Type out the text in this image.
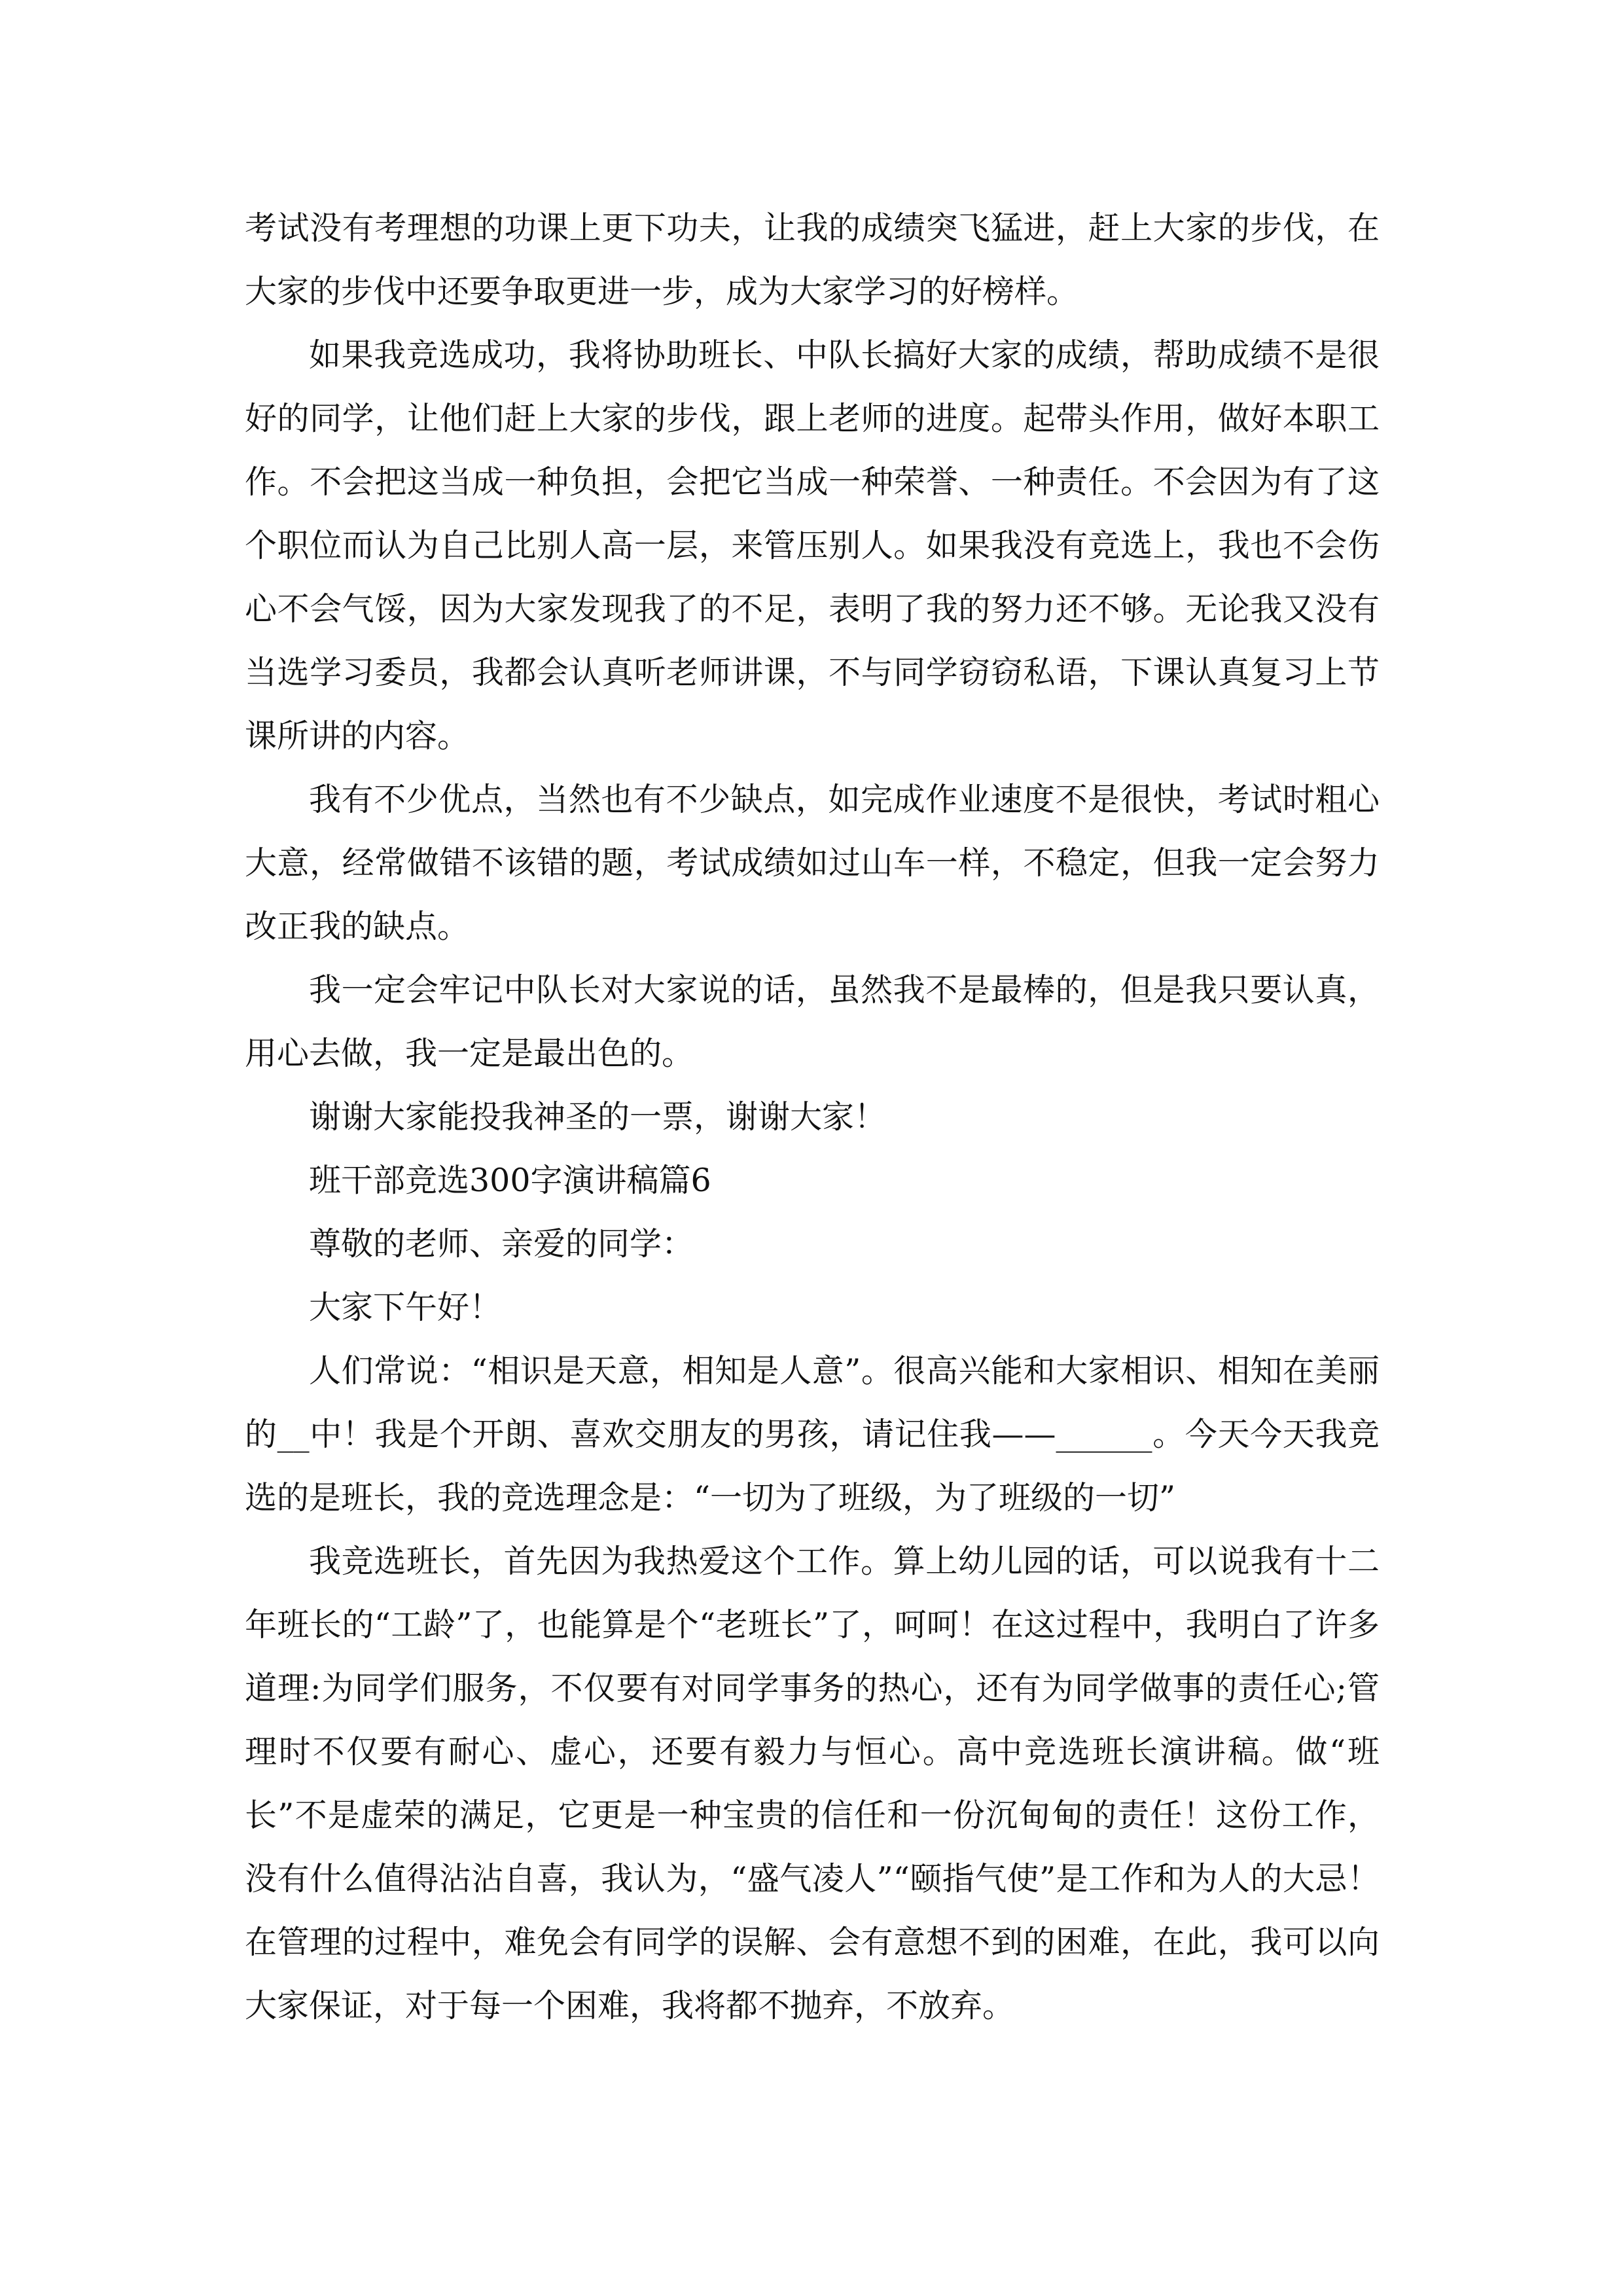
考试没有考理想的功课上更下功夫，让我的成绩突飞猛进，赶上大家的步伐，在大家的步伐中还要争取更进一步，成为大家学习的好榜样。

如果我竞选成功，我将协助班长、中队长搞好大家的成绩，帮助成绩不是很好的同学，让他们赶上大家的步伐，跟上老师的进度。起带头作用，做好本职工作。不会把这当成一种负担，会把它当成一种荣誉、一种责任。不会因为有了这个职位而认为自己比别人高一层，来管压别人。如果我没有竞选上，我也不会伤心不会气馁，因为大家发现我了的不足，表明了我的努力还不够。无论我又没有当选学习委员，我都会认真听老师讲课，不与同学窃窃私语，下课认真复习上节课所讲的内容。

我有不少优点，当然也有不少缺点，如完成作业速度不是很快，考试时粗心大意，经常做错不该错的题，考试成绩如过山车一样，不稳定，但我一定会努力改正我的缺点。

我一定会牢记中队长对大家说的话，虽然我不是最棒的，但是我只要认真，用心去做，我一定是最出色的。

谢谢大家能投我神圣的一票，谢谢大家！

班干部竞选300字演讲稿篇6

尊敬的老师、亲爱的同学：

大家下午好！

人们常说：“相识是天意，相知是人意”。很高兴能和大家相识、相知在美丽的__中！我是个开朗、喜欢交朋友的男孩，请记住我——______。今天今天我竞选的是班长，我的竞选理念是：“一切为了班级，为了班级的一切”

我竞选班长，首先因为我热爱这个工作。算上幼儿园的话，可以说我有十二年班长的“工龄”了，也能算是个“老班长”了，呵呵！在这过程中，我明白了许多道理:为同学们服务，不仅要有对同学事务的热心，还有为同学做事的责任心;管理时不仅要有耐心、虚心，还要有毅力与恒心。高中竞选班长演讲稿。做“班长”不是虚荣的满足，它更是一种宝贵的信任和一份沉甸甸的责任！这份工作，没有什么值得沾沾自喜，我认为，“盛气凌人”“颐指气使”是工作和为人的大忌！在管理的过程中，难免会有同学的误解、会有意想不到的困难，在此，我可以向大家保证，对于每一个困难，我将都不抛弃，不放弃。
